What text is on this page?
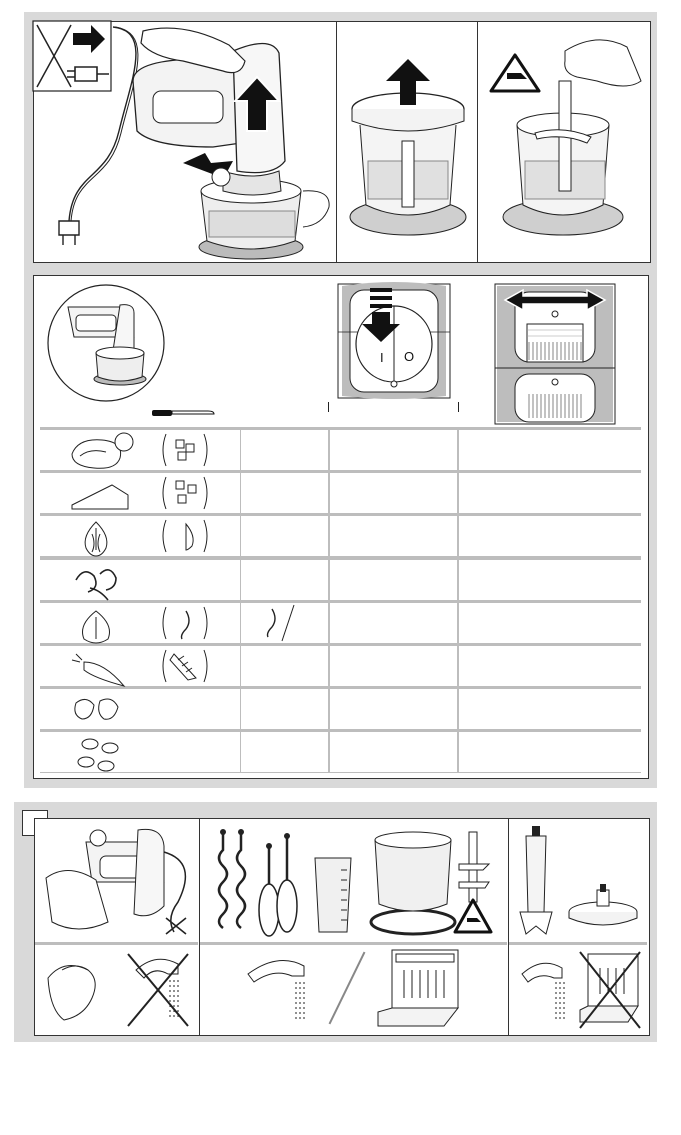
I O
